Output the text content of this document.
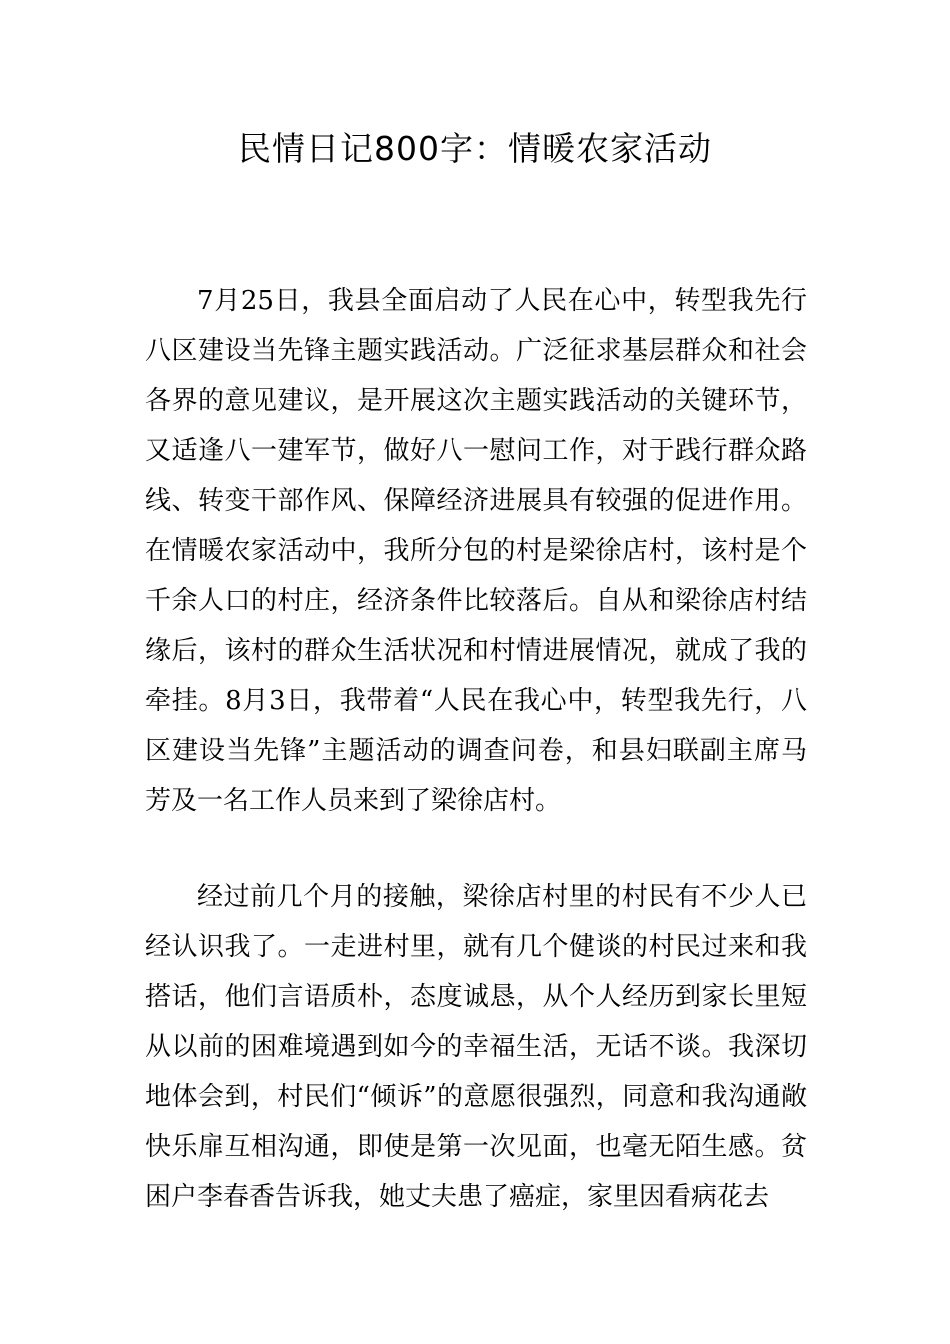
民情日记800字：情暖农家活动

7月25日，我县全面启动了人民在心中，转型我先行八区建设当先锋主题实践活动。广泛征求基层群众和社会各界的意见建议，是开展这次主题实践活动的关键环节，又适逢八一建军节，做好八一慰问工作，对于践行群众路线、转变干部作风、保障经济进展具有较强的促进作用。在情暖农家活动中，我所分包的村是梁徐店村，该村是个千余人口的村庄，经济条件比较落后。自从和梁徐店村结缘后，该村的群众生活状况和村情进展情况，就成了我的牵挂。8月3日，我带着“人民在我心中，转型我先行，八区建设当先锋”主题活动的调查问卷，和县妇联副主席马芳及一名工作人员来到了梁徐店村。

经过前几个月的接触，梁徐店村里的村民有不少人已经认识我了。一走进村里，就有几个健谈的村民过来和我搭话，他们言语质朴，态度诚恳，从个人经历到家长里短从以前的困难境遇到如今的幸福生活，无话不谈。我深切地体会到，村民们“倾诉”的意愿很强烈，同意和我沟通敞快乐扉互相沟通，即使是第一次见面，也毫无陌生感。贫困户李春香告诉我，她丈夫患了癌症，家里因看病花去
